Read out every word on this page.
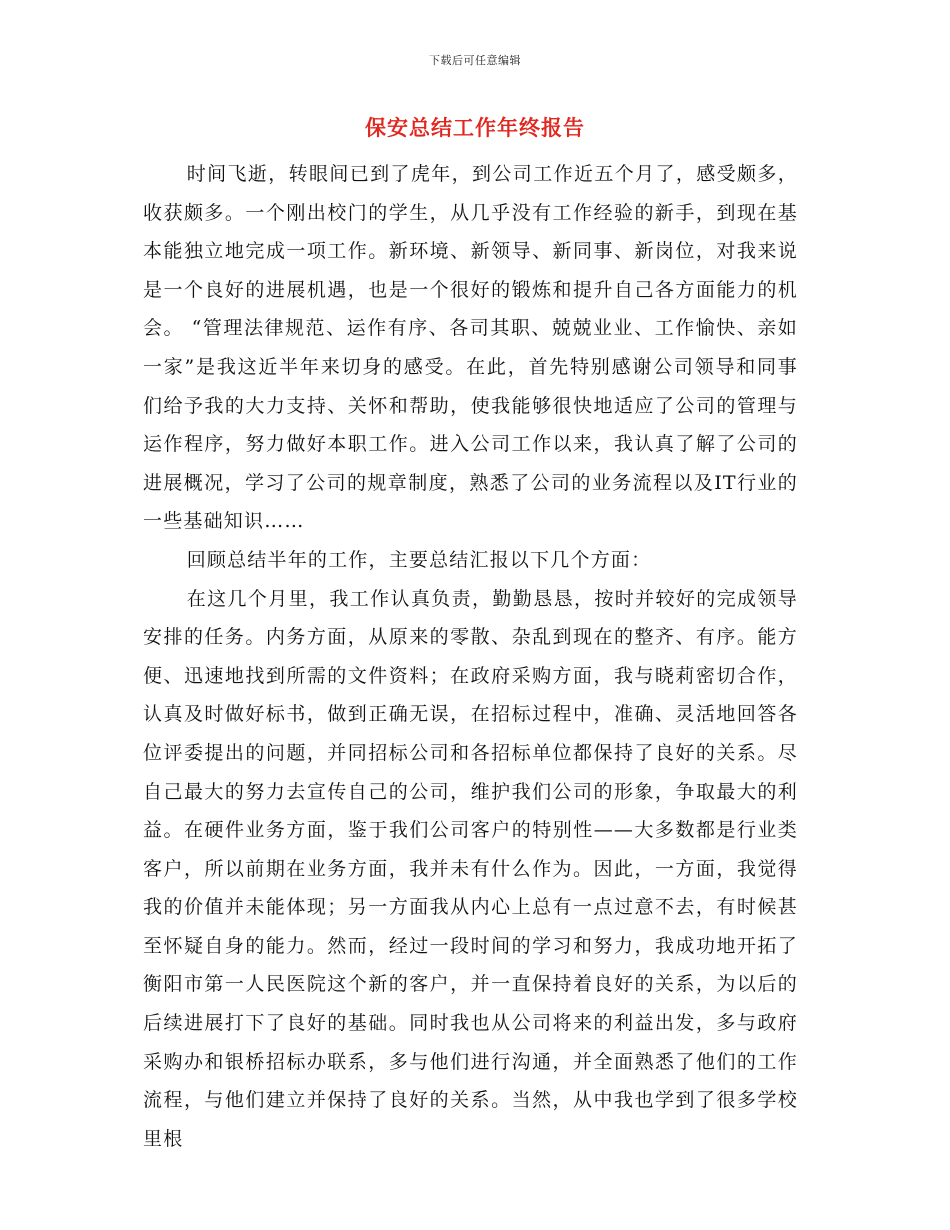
下载后可任意编辑
保安总结工作年终报告

时间飞逝，转眼间已到了虎年，到公司工作近五个月了，感受颇多，收获颇多。一个刚出校门的学生，从几乎没有工作经验的新手，到现在基本能独立地完成一项工作。新环境、新领导、新同事、新岗位，对我来说是一个良好的进展机遇，也是一个很好的锻炼和提升自己各方面能力的机会。 “管理法律规范、运作有序、各司其职、兢兢业业、工作愉快、亲如一家”是我这近半年来切身的感受。在此，首先特别感谢公司领导和同事们给予我的大力支持、关怀和帮助，使我能够很快地适应了公司的管理与运作程序，努力做好本职工作。进入公司工作以来，我认真了解了公司的进展概况，学习了公司的规章制度，熟悉了公司的业务流程以及IT行业的一些基础知识……

回顾总结半年的工作，主要总结汇报以下几个方面：

在这几个月里，我工作认真负责，勤勤恳恳，按时并较好的完成领导安排的任务。内务方面，从原来的零散、杂乱到现在的整齐、有序。能方便、迅速地找到所需的文件资料；在政府采购方面，我与晓莉密切合作，认真及时做好标书，做到正确无误，在招标过程中，准确、灵活地回答各位评委提出的问题，并同招标公司和各招标单位都保持了良好的关系。尽自己最大的努力去宣传自己的公司，维护我们公司的形象，争取最大的利益。在硬件业务方面，鉴于我们公司客户的特别性——大多数都是行业类客户，所以前期在业务方面，我并未有什么作为。因此，一方面，我觉得我的价值并未能体现；另一方面我从内心上总有一点过意不去，有时候甚至怀疑自身的能力。然而，经过一段时间的学习和努力，我成功地开拓了衡阳市第一人民医院这个新的客户，并一直保持着良好的关系，为以后的后续进展打下了良好的基础。同时我也从公司将来的利益出发，多与政府采购办和银桥招标办联系，多与他们进行沟通，并全面熟悉了他们的工作流程，与他们建立并保持了良好的关系。当然，从中我也学到了很多学校里根
